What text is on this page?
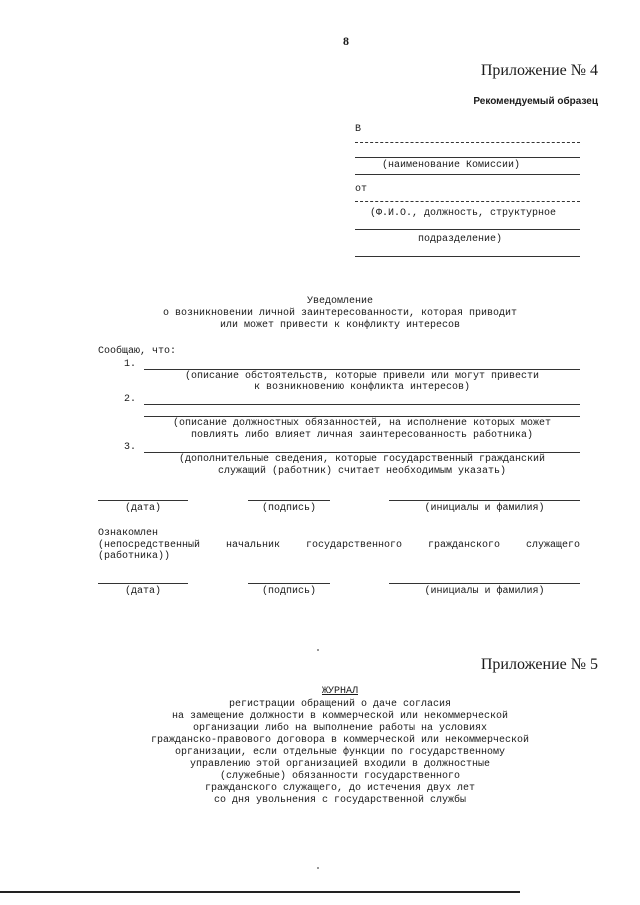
8
Приложение № 4
Рекомендуемый образец
В
(наименование Комиссии)
от
(Ф.И.О., должность, структурное
подразделение)
Уведомление
о возникновении личной заинтересованности, которая приводит
или может привести к конфликту интересов
Сообщаю, что:
1.
(описание обстоятельств, которые привели или могут привести
к возникновению конфликта интересов)
2.
(описание должностных обязанностей, на исполнение которых может
повлиять либо влияет личная заинтересованность работника)
3.
(дополнительные сведения, которые государственный гражданский
служащий (работник) считает необходимым указать)
(дата)	(подпись)	(инициалы и фамилия)
Ознакомлен
(непосредственный	начальник	государственного	гражданского	служащего
(работника))
(дата)	(подпись)	(инициалы и фамилия)
Приложение № 5
ЖУРНАЛ
регистрации обращений о даче согласия
на замещение должности в коммерческой или некоммерческой
организации либо на выполнение работы на условиях
гражданско-правового договора в коммерческой или некоммерческой
организации, если отдельные функции по государственному
управлению этой организацией входили в должностные
(служебные) обязанности государственного
гражданского служащего, до истечения двух лет
со дня увольнения с государственной службы
